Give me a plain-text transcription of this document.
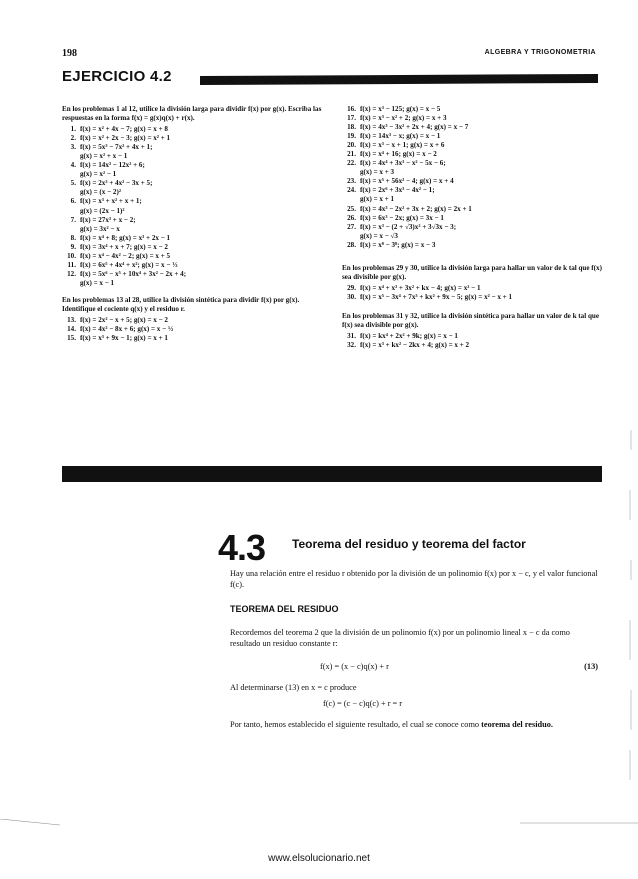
198	ALGEBRA Y TRIGONOMETRIA
EJERCICIO 4.2
En los problemas 1 al 12, utilice la división larga para dividir f(x) por g(x). Escriba las respuestas en la forma f(x) = g(x)q(x) + r(x).
1. f(x) = x² + 4x − 7; g(x) = x + 8
2. f(x) = x² + 2x − 3; g(x) = x² + 1
3. f(x) = 5x³ − 7x² + 4x + 1;
g(x) = x² + x − 1
4. f(x) = 14x³ − 12x² + 6;
g(x) = x² − 1
5. f(x) = 2x³ + 4x² − 3x + 5;
g(x) = (x − 2)²
6. f(x) = x³ + x² + x + 1;
g(x) = (2x − 1)²
7. f(x) = 27x³ + x − 2;
g(x) = 3x² − x
8. f(x) = x⁴ + 8; g(x) = x³ + 2x − 1
9. f(x) = 3x⁴ + x + 7; g(x) = x − 2
10. f(x) = x⁴ − 4x² − 2; g(x) = x + 5
11. f(x) = 6x⁵ + 4x⁴ + x²; g(x) = x − ⅓
12. f(x) = 5x⁶ − x⁵ + 10x⁴ + 3x² − 2x + 4;
g(x) = x − 1
En los problemas 13 al 28, utilice la división sintética para dividir f(x) por g(x). Identifique el cociente q(x) y el residuo r.
13. f(x) = 2x² − x + 5; g(x) = x − 2
14. f(x) = 4x² − 8x + 6; g(x) = x − ½
15. f(x) = x³ + 9x − 1; g(x) = x + 1
16. f(x) = x³ − 125; g(x) = x − 5
17. f(x) = x³ − x² + 2; g(x) = x + 3
18. f(x) = 4x³ − 3x² + 2x + 4; g(x) = x − 7
19. f(x) = 14x³ − x; g(x) = x − 1
20. f(x) = x³ − x + 1; g(x) = x + 6
21. f(x) = x⁴ + 16; g(x) = x − 2
22. f(x) = 4x⁴ + 3x³ − x² − 5x − 6;
g(x) = x + 3
23. f(x) = x⁵ + 56x² − 4; g(x) = x + 4
24. f(x) = 2x⁶ + 3x³ − 4x² − 1;
g(x) = x + 1
25. f(x) = 4x³ − 2x² + 3x + 2; g(x) = 2x + 1
26. f(x) = 6x³ − 2x; g(x) = 3x − 1
27. f(x) = x³ − (2 + √3)x² + 3√3x − 3;
g(x) = x − √3
28. f(x) = x⁸ − 3⁸; g(x) = x − 3
En los problemas 29 y 30, utilice la división larga para hallar un valor de k tal que f(x) sea divisible por g(x).
29. f(x) = x⁴ + x³ + 3x² + kx − 4; g(x) = x² − 1
30. f(x) = x⁵ − 3x⁴ + 7x³ + kx² + 9x − 5; g(x) = x² − x + 1
En los problemas 31 y 32, utilice la división sintética para hallar un valor de k tal que f(x) sea divisible por g(x).
31. f(x) = kx⁴ + 2x² + 9k; g(x) = x − 1
32. f(x) = x³ + kx² − 2kx + 4; g(x) = x + 2
4.3 Teorema del residuo y teorema del factor
Hay una relación entre el residuo r obtenido por la división de un polinomio f(x) por x − c, y el valor funcional f(c).
TEOREMA DEL RESIDUO
Recordemos del teorema 2 que la división de un polinomio f(x) por un polinomio lineal x − c da como resultado un residuo constante r:
f(x) = (x − c)q(x) + r	(13)
Al determinarse (13) en x = c produce
f(c) = (c − c)q(c) + r = r
Por tanto, hemos establecido el siguiente resultado, el cual se conoce como teorema del residuo.
www.elsolucionario.net
